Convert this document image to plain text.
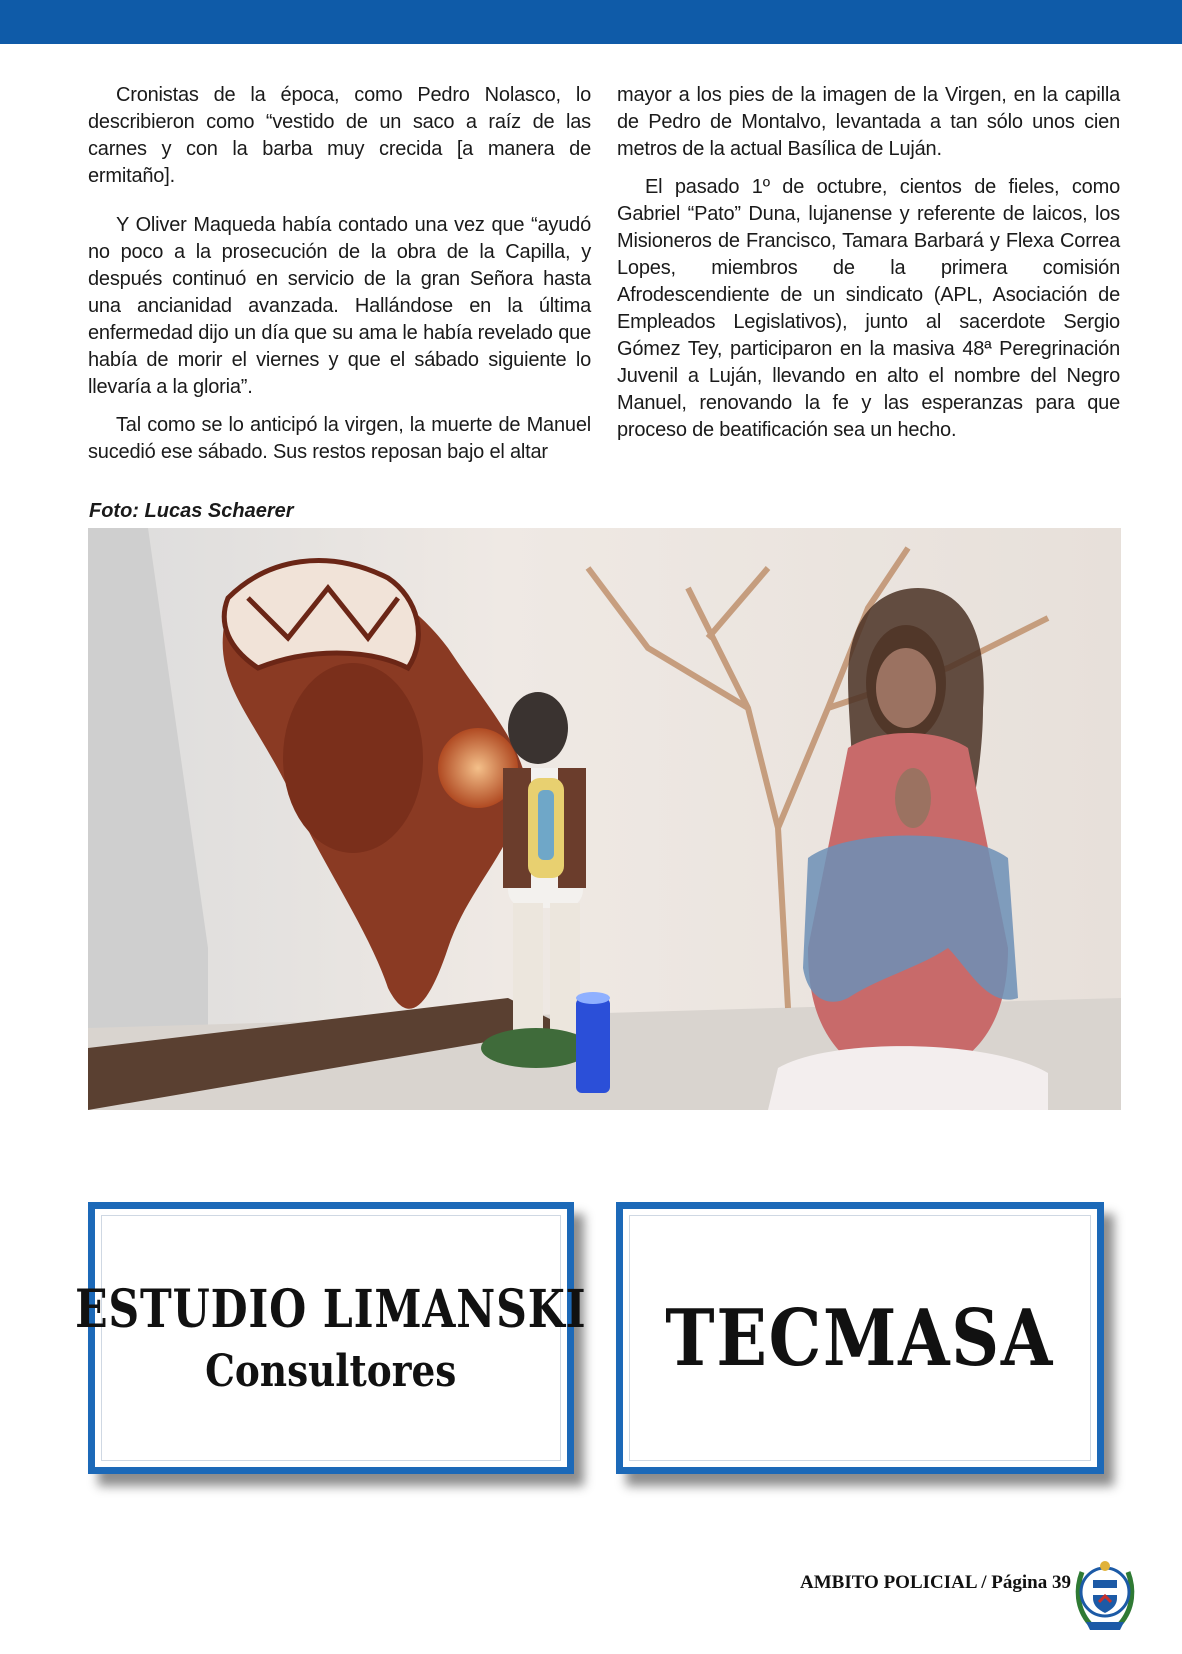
Cronistas de la época, como Pedro Nolasco, lo describieron como “vestido de un saco a raíz de las carnes y con la barba muy crecida [a manera de ermitaño].

Y Oliver Maqueda había contado una vez que “ayudó no poco a la prosecución de la obra de la Capilla, y después continuó en servicio de la gran Señora hasta una ancianidad avanzada. Hallándose en la última enfermedad dijo un día que su ama le había revelado que había de morir el viernes y que el sábado siguiente lo llevaría a la gloria”.

Tal como se lo anticipó la virgen, la muerte de Manuel sucedió ese sábado. Sus restos reposan bajo el altar

mayor a los pies de la imagen de la Virgen, en la capilla de Pedro de Montalvo, levantada a tan sólo unos cien metros de la actual Basílica de Luján.

El pasado 1º de octubre, cientos de fieles, como Gabriel “Pato” Duna, lujanense y referente de laicos, los Misioneros de Francisco, Tamara Barbará y Flexa Correa Lopes, miembros de la primera comisión Afrodescendiente de un sindicato (APL, Asociación de Empleados Legislativos), junto al sacerdote Sergio Gómez Tey, participaron en la masiva 48ª Peregrinación Juvenil a Luján, llevando en alto el nombre del Negro Manuel, renovando la fe y las esperanzas para que proceso de beatificación sea un hecho.

Foto: Lucas Schaerer
ESTUDIO LIMANSKI
Consultores	TECMASA
AMBITO POLICIAL / Página 39
